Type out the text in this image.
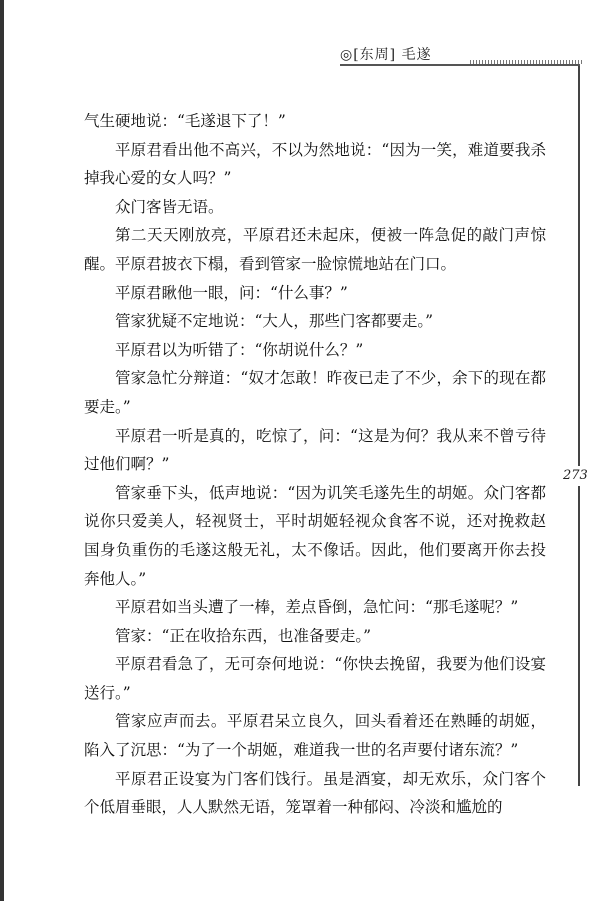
◎[东周] 毛遂
273

气生硬地说：“毛遂退下了！”

平原君看出他不高兴，不以为然地说：“因为一笑，难道要我杀掉我心爱的女人吗？”

众门客皆无语。

第二天天刚放亮，平原君还未起床，便被一阵急促的敲门声惊醒。平原君披衣下榻，看到管家一脸惊慌地站在门口。

平原君瞅他一眼，问：“什么事？”

管家犹疑不定地说：“大人，那些门客都要走。”

平原君以为听错了：“你胡说什么？”

管家急忙分辩道：“奴才怎敢！昨夜已走了不少，余下的现在都要走。”

平原君一听是真的，吃惊了，问：“这是为何？我从来不曾亏待过他们啊？”

管家垂下头，低声地说：“因为讥笑毛遂先生的胡姬。众门客都说你只爱美人，轻视贤士，平时胡姬轻视众食客不说，还对挽救赵国身负重伤的毛遂这般无礼，太不像话。因此，他们要离开你去投奔他人。”

平原君如当头遭了一棒，差点昏倒，急忙问：“那毛遂呢？”

管家：“正在收拾东西，也准备要走。”

平原君看急了，无可奈何地说：“你快去挽留，我要为他们设宴送行。”

管家应声而去。平原君呆立良久，回头看着还在熟睡的胡姬，陷入了沉思：“为了一个胡姬，难道我一世的名声要付诸东流？”

平原君正设宴为门客们饯行。虽是酒宴，却无欢乐，众门客个个低眉垂眼，人人默然无语，笼罩着一种郁闷、冷淡和尴尬的
